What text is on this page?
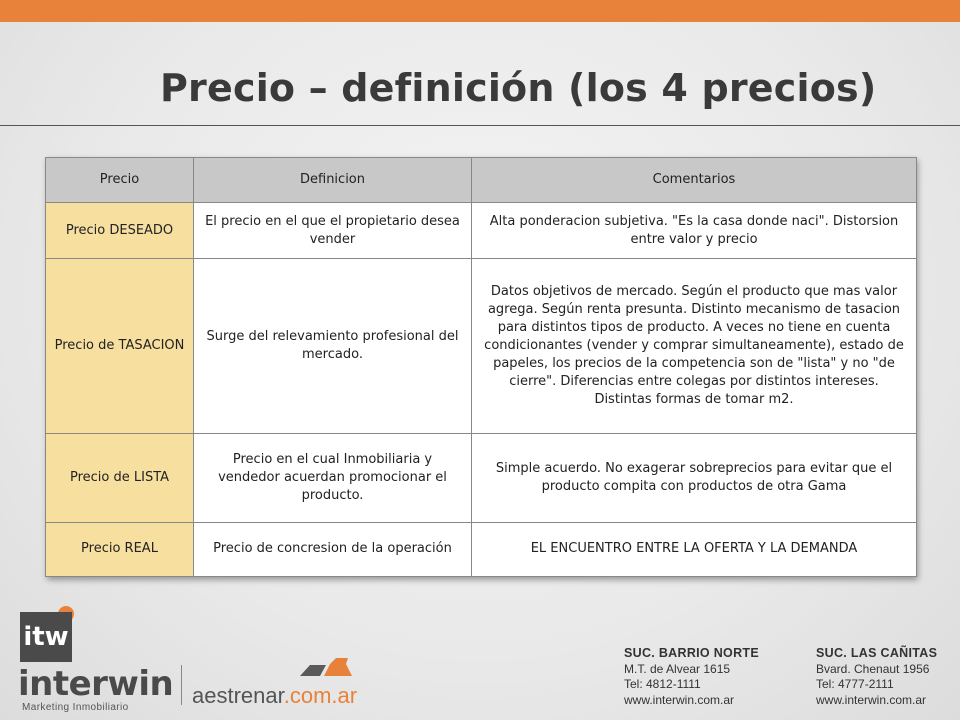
Precio – definición (los 4 precios)
Precio	Definicion	Comentarios
Precio DESEADO	El precio en el que el propietario desea vender	Alta ponderacion subjetiva. "Es la casa donde naci". Distorsion entre valor y precio
Precio de TASACION	Surge del relevamiento profesional del mercado.	Datos objetivos de mercado. Según el producto que mas valor agrega. Según renta presunta. Distinto mecanismo de tasacion para distintos tipos de producto. A veces no tiene en cuenta condicionantes (vender y comprar simultaneamente), estado de papeles, los precios de la competencia son de "lista" y no "de cierre". Diferencias entre colegas por distintos intereses. Distintas formas de tomar m2.
Precio de LISTA	Precio en el cual Inmobiliaria y vendedor acuerdan promocionar el producto.	Simple acuerdo. No exagerar sobreprecios para evitar que el producto compita con productos de otra Gama
Precio REAL	Precio de concresion de la operación	EL ENCUENTRO ENTRE LA OFERTA Y LA DEMANDA
itw
interwin
Marketing Inmobiliario	aestrenar.com.ar
SUC. BARRIO NORTE
M.T. de Alvear 1615
Tel: 4812-1111
www.interwin.com.ar
SUC. LAS CAÑITAS
Bvard. Chenaut 1956
Tel: 4777-2111
www.interwin.com.ar
